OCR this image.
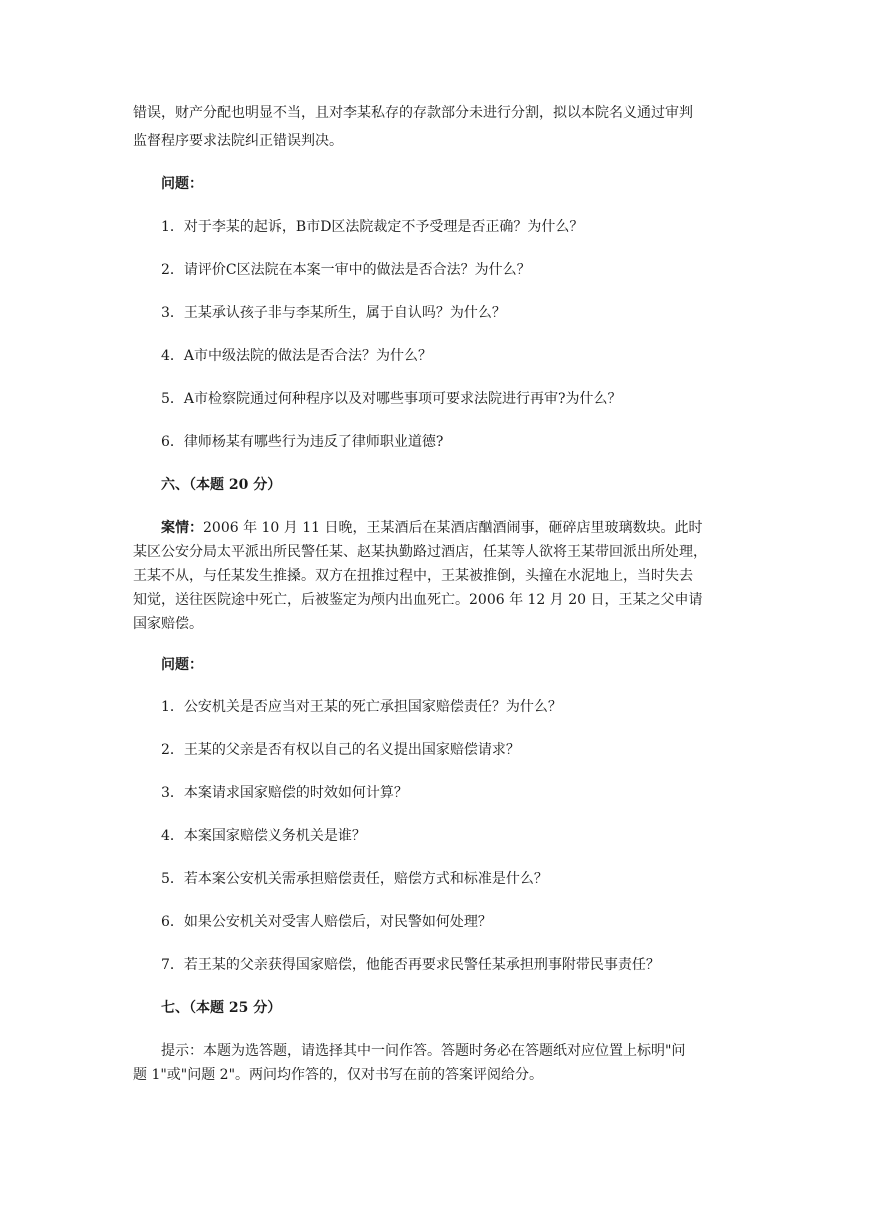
错误，财产分配也明显不当，且对李某私存的存款部分未进行分割，拟以本院名义通过审判

监督程序要求法院纠正错误判决。

问题：

1．对于李某的起诉，B市D区法院裁定不予受理是否正确？为什么？

2．请评价C区法院在本案一审中的做法是否合法？为什么？

3．王某承认孩子非与李某所生，属于自认吗？为什么？

4．A市中级法院的做法是否合法？为什么？

5．A市检察院通过何种程序以及对哪些事项可要求法院进行再审?为什么？

6．律师杨某有哪些行为违反了律师职业道德?

六、（本题 20 分）

案情：2006 年 10 月 11 日晚，王某酒后在某酒店酗酒闹事，砸碎店里玻璃数块。此时

某区公安分局太平派出所民警任某、赵某执勤路过酒店，任某等人欲将王某带回派出所处理，

王某不从，与任某发生推搡。双方在扭推过程中，王某被推倒，头撞在水泥地上，当时失去

知觉，送往医院途中死亡，后被鉴定为颅内出血死亡。2006 年 12 月 20 日，王某之父申请

国家赔偿。

问题：

1．公安机关是否应当对王某的死亡承担国家赔偿责任？为什么？

2．王某的父亲是否有权以自己的名义提出国家赔偿请求？

3．本案请求国家赔偿的时效如何计算？

4．本案国家赔偿义务机关是谁？

5．若本案公安机关需承担赔偿责任，赔偿方式和标准是什么？

6．如果公安机关对受害人赔偿后，对民警如何处理？

7．若王某的父亲获得国家赔偿，他能否再要求民警任某承担刑事附带民事责任？

七、（本题 25 分）

提示：本题为选答题，请选择其中一问作答。答题时务必在答题纸对应位置上标明"问

题 1"或"问题 2"。两问均作答的，仅对书写在前的答案评阅给分。
